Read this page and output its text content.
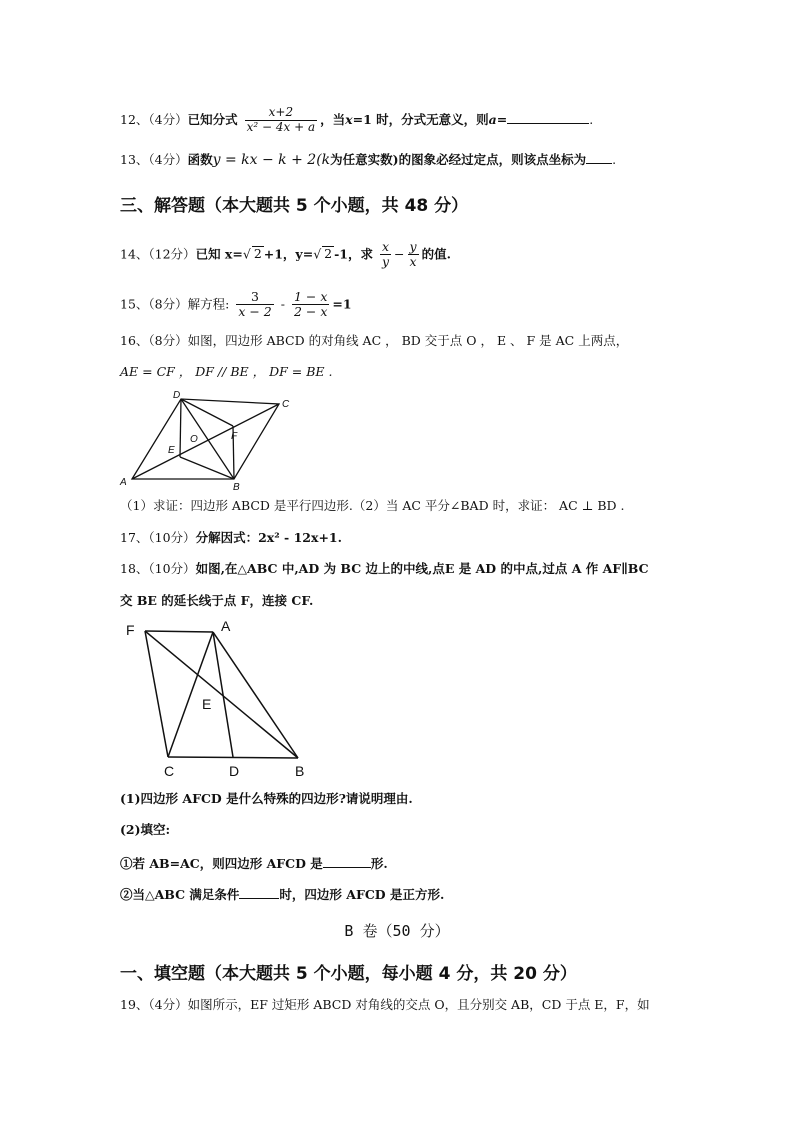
12、（4分）已知分式 $\frac{x+2}{\text{x² − 4x + a}}$ ，当x=1 时，分式无意义，则a=	.
13、（4分）函数y = kx − k + 2(k为任意实数)的图象必经过定点，则该点坐标为 .
三、解答题（本大题共 5 个小题，共 48 分）
14、（12分）已知 x=√ 2 +1，y=√ 2 -1，求 $\frac{x}{y} - \frac{y}{x}$ 的值.
15、（8分）解方程: $\frac{3}{x - 2} - \frac{1 - x}{2 - x} =1$
16、（8分）如图，四边形 ABCD 的对角线 AC ， BD 交于点 O ， E 、 F 是 AC 上两点，
AE = CF ， DF // BE ， DF = BE .
A	B
C
D
E
F
O
（1）求证：四边形 ABCD 是平行四边形.（2）当 AC 平分∠BAD 时，求证： AC ⊥ BD .
17、（10分）分解因式：2x² - 12x+1.
18、（10分）如图,在△ABC 中,AD 为 BC 边上的中线,点E 是 AD 的中点,过点 A 作 AF∥BC
交 BE 的延长线于点 F，连接 CF.
F	A
E
C	D	B
(1)四边形 AFCD 是什么特殊的四边形?请说明理由.
(2)填空:
①若 AB=AC，则四边形 AFCD 是	形.
②当△ABC 满足条件	时，四边形 AFCD 是正方形.
B 卷（50 分）
一、填空题（本大题共 5 个小题，每小题 4 分，共 20 分）
19、（4分）如图所示，EF 过矩形 ABCD 对角线的交点 O，且分别交 AB，CD 于点 E，F，如
